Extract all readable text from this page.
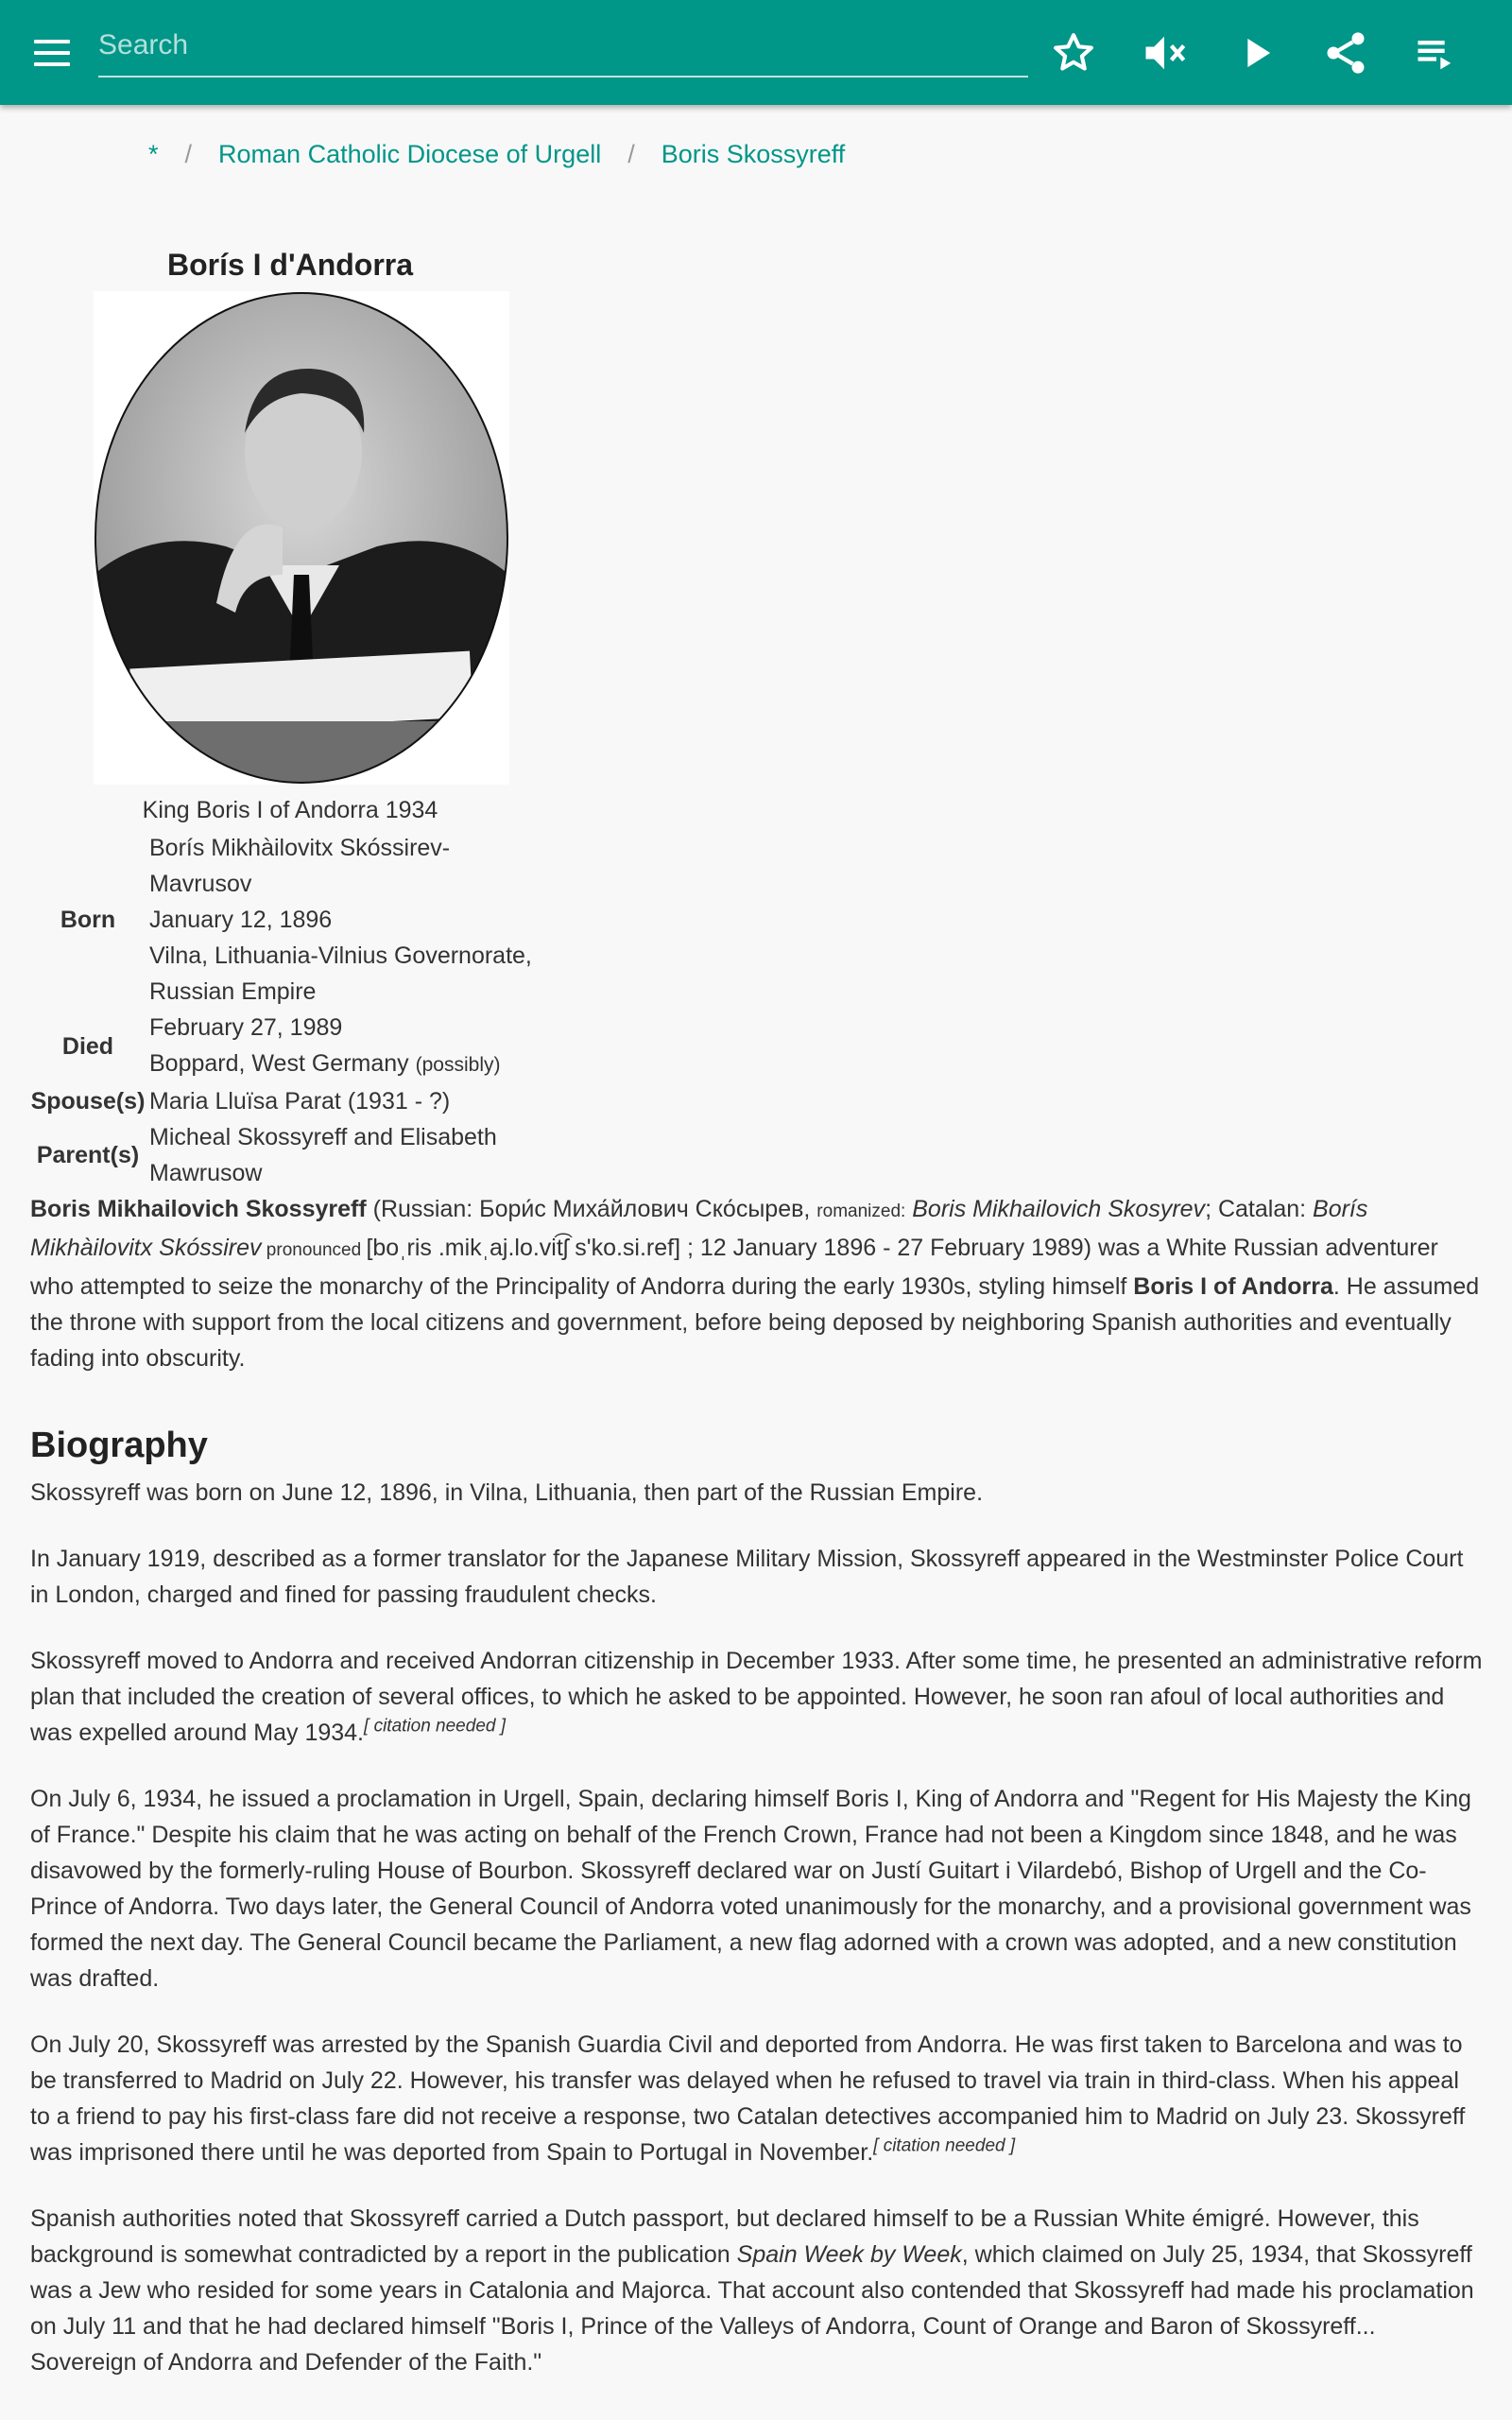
Search
* / Roman Catholic Diocese of Urgell / Boris Skossyreff
Borís I d'Andorra
King Boris I of Andorra 1934
Born	Borís Mikhàilovitx Skóssirev-Mavrusov
January 12, 1896
Vilna, Lithuania-Vilnius Governorate, Russian Empire

Died	February 27, 1989
Boppard, West Germany (possibly)

Spouse(s)	Maria Lluïsa Parat (1931 - ?)
Parent(s)	Micheal Skossyreff and Elisabeth Mawrusow

Boris Mikhailovich Skossyreff (Russian: Бори́с Миха́йлович Ско́сырев, romanized: Boris Mikhailovich Skosyrev; Catalan: Borís Mikhàilovitx Skóssirev pronounced [boˌris .mikˌaj.lo.vit͡ʃ s'ko.si.ref] ; 12 January 1896 - 27 February 1989) was a White Russian adventurer who attempted to seize the monarchy of the Principality of Andorra during the early 1930s, styling himself Boris I of Andorra. He assumed the throne with support from the local citizens and government, before being deposed by neighboring Spanish authorities and eventually fading into obscurity.

Biography

Skossyreff was born on June 12, 1896, in Vilna, Lithuania, then part of the Russian Empire.

In January 1919, described as a former translator for the Japanese Military Mission, Skossyreff appeared in the Westminster Police Court in London, charged and fined for passing fraudulent checks.

Skossyreff moved to Andorra and received Andorran citizenship in December 1933. After some time, he presented an administrative reform plan that included the creation of several offices, to which he asked to be appointed. However, he soon ran afoul of local authorities and was expelled around May 1934.[ citation needed ]

On July 6, 1934, he issued a proclamation in Urgell, Spain, declaring himself Boris I, King of Andorra and "Regent for His Majesty the King of France." Despite his claim that he was acting on behalf of the French Crown, France had not been a Kingdom since 1848, and he was disavowed by the formerly-ruling House of Bourbon. Skossyreff declared war on Justí Guitart i Vilardebó, Bishop of Urgell and the Co-Prince of Andorra. Two days later, the General Council of Andorra voted unanimously for the monarchy, and a provisional government was formed the next day. The General Council became the Parliament, a new flag adorned with a crown was adopted, and a new constitution was drafted.

On July 20, Skossyreff was arrested by the Spanish Guardia Civil and deported from Andorra. He was first taken to Barcelona and was to be transferred to Madrid on July 22. However, his transfer was delayed when he refused to travel via train in third-class. When his appeal to a friend to pay his first-class fare did not receive a response, two Catalan detectives accompanied him to Madrid on July 23. Skossyreff was imprisoned there until he was deported from Spain to Portugal in November.[ citation needed ]

Spanish authorities noted that Skossyreff carried a Dutch passport, but declared himself to be a Russian White émigré. However, this background is somewhat contradicted by a report in the publication Spain Week by Week, which claimed on July 25, 1934, that Skossyreff was a Jew who resided for some years in Catalonia and Majorca. That account also contended that Skossyreff had made his proclamation on July 11 and that he had declared himself "Boris I, Prince of the Valleys of Andorra, Count of Orange and Baron of Skossyreff... Sovereign of Andorra and Defender of the Faith."
